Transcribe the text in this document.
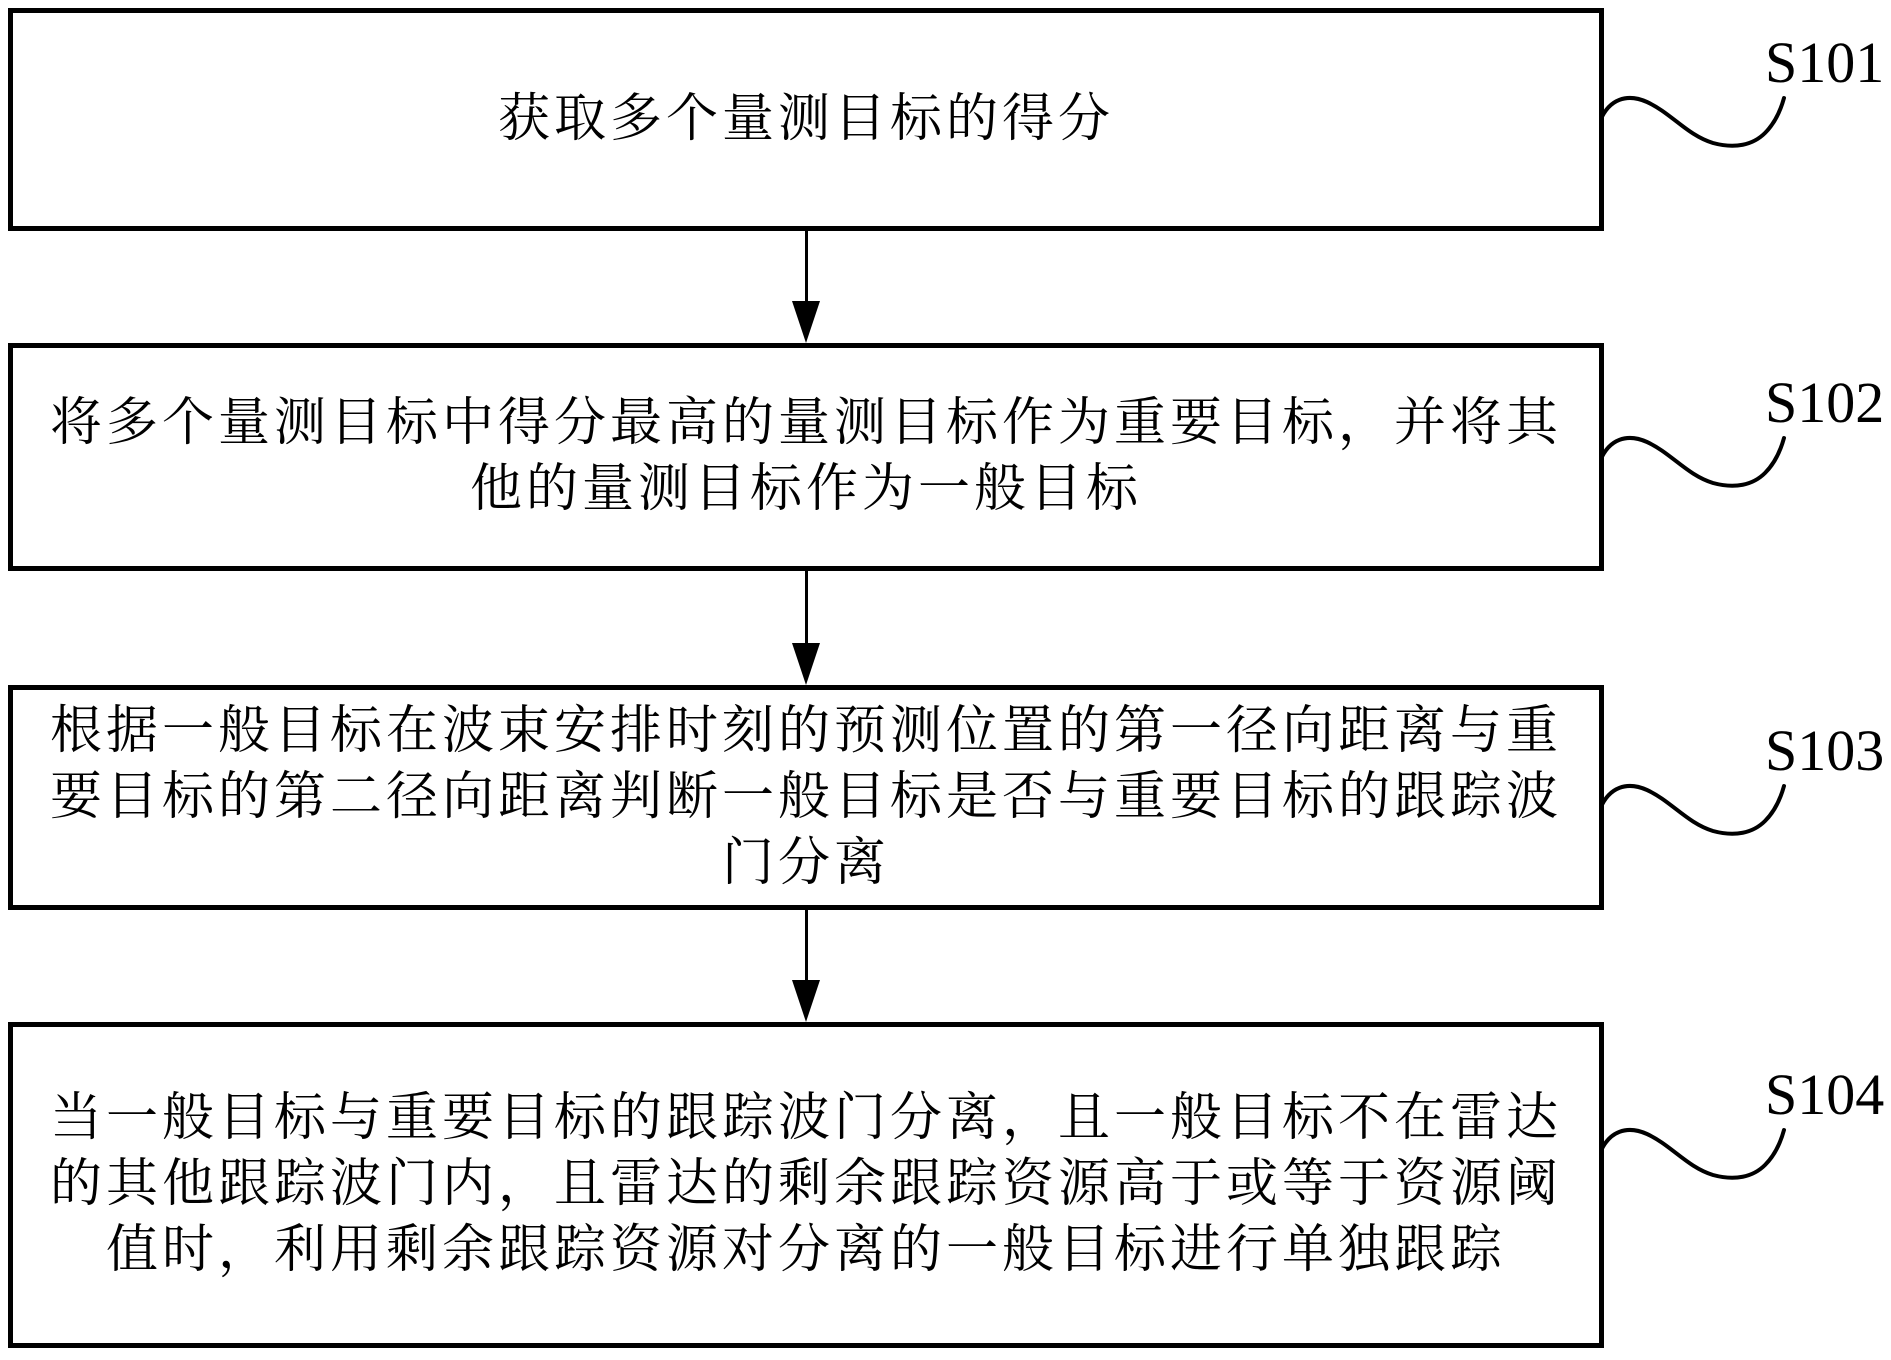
获取多个量测目标的得分
S101
将多个量测目标中得分最高的量测目标作为重要目标，并将其
他的量测目标作为一般目标
S102
根据一般目标在波束安排时刻的预测位置的第一径向距离与重
要目标的第二径向距离判断一般目标是否与重要目标的跟踪波
门分离
S103
当一般目标与重要目标的跟踪波门分离，且一般目标不在雷达
的其他跟踪波门内，且雷达的剩余跟踪资源高于或等于资源阈
值时，利用剩余跟踪资源对分离的一般目标进行单独跟踪
S104
